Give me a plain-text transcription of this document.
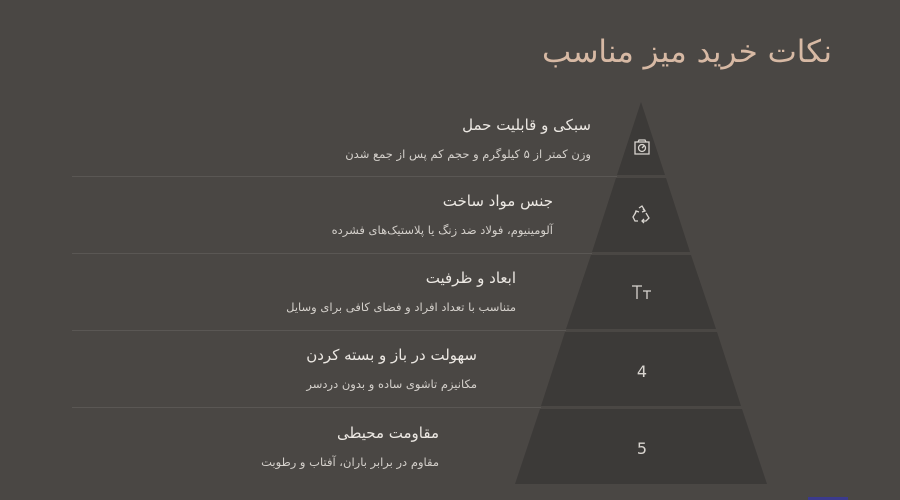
نکات خرید میز مناسب
سبکی و قابلیت حمل
وزن کمتر از ۵ کیلوگرم و حجم کم پس از جمع شدن
جنس مواد ساخت
آلومینیوم، فولاد ضد زنگ یا پلاستیک‌های فشرده
ابعاد و ظرفیت
متناسب با تعداد افراد و فضای کافی برای وسایل
سهولت در باز و بسته کردن
مکانیزم تاشوی ساده و بدون دردسر
مقاومت محیطی
مقاوم در برابر باران، آفتاب و رطوبت
4
5
